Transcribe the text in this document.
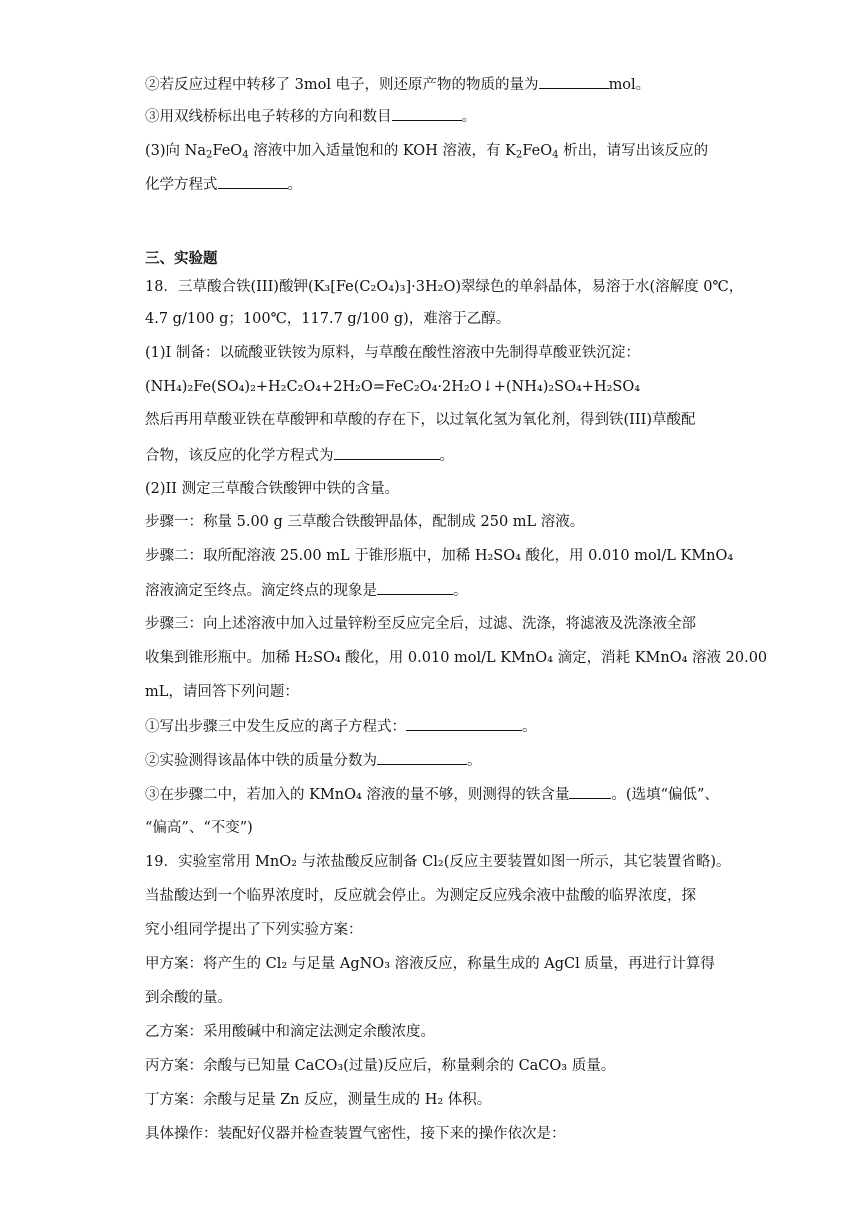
②若反应过程中转移了 3mol 电子，则还原产物的物质的量为	mol。
③用双线桥标出电子转移的方向和数目	。
(3)向 $Na_2FeO_4$ 溶液中加入适量饱和的 KOH 溶液，有 $K_2FeO_4$ 析出，请写出该反应的
化学方程式	。
三、实验题
18．三草酸合铁(III)酸钾(K₃[Fe(C₂O₄)₃]·3H₂O)翠绿色的单斜晶体，易溶于水(溶解度 0℃，
4.7 g/100 g；100℃，117.7 g/100 g)，难溶于乙醇。
(1)I 制备：以硫酸亚铁铵为原料，与草酸在酸性溶液中先制得草酸亚铁沉淀：
(NH₄)₂Fe(SO₄)₂+H₂C₂O₄+2H₂O=FeC₂O₄·2H₂O↓+(NH₄)₂SO₄+H₂SO₄
然后再用草酸亚铁在草酸钾和草酸的存在下，以过氧化氢为氧化剂，得到铁(III)草酸配
合物，该反应的化学方程式为	。
(2)II 测定三草酸合铁酸钾中铁的含量。
步骤一：称量 5.00 g 三草酸合铁酸钾晶体，配制成 250 mL 溶液。
步骤二：取所配溶液 25.00 mL 于锥形瓶中，加稀 H₂SO₄ 酸化，用 0.010 mol/L KMnO₄
溶液滴定至终点。滴定终点的现象是	。
步骤三：向上述溶液中加入过量锌粉至反应完全后，过滤、洗涤，将滤液及洗涤液全部
收集到锥形瓶中。加稀 H₂SO₄ 酸化，用 0.010 mol/L KMnO₄ 滴定，消耗 KMnO₄ 溶液 20.00
mL，请回答下列问题：
①写出步骤三中发生反应的离子方程式：	。
②实验测得该晶体中铁的质量分数为	。
③在步骤二中，若加入的 KMnO₄ 溶液的量不够，则测得的铁含量	。(选填“偏低”、
“偏高”、“不变”)
19．实验室常用 MnO₂ 与浓盐酸反应制备 Cl₂(反应主要装置如图一所示，其它装置省略)。
当盐酸达到一个临界浓度时，反应就会停止。为测定反应残余液中盐酸的临界浓度，探
究小组同学提出了下列实验方案：
甲方案：将产生的 Cl₂ 与足量 AgNO₃ 溶液反应，称量生成的 AgCl 质量，再进行计算得
到余酸的量。
乙方案：采用酸碱中和滴定法测定余酸浓度。
丙方案：余酸与已知量 CaCO₃(过量)反应后，称量剩余的 CaCO₃ 质量。
丁方案：余酸与足量 Zn 反应，测量生成的 H₂ 体积。
具体操作：装配好仪器并检查装置气密性，接下来的操作依次是：
